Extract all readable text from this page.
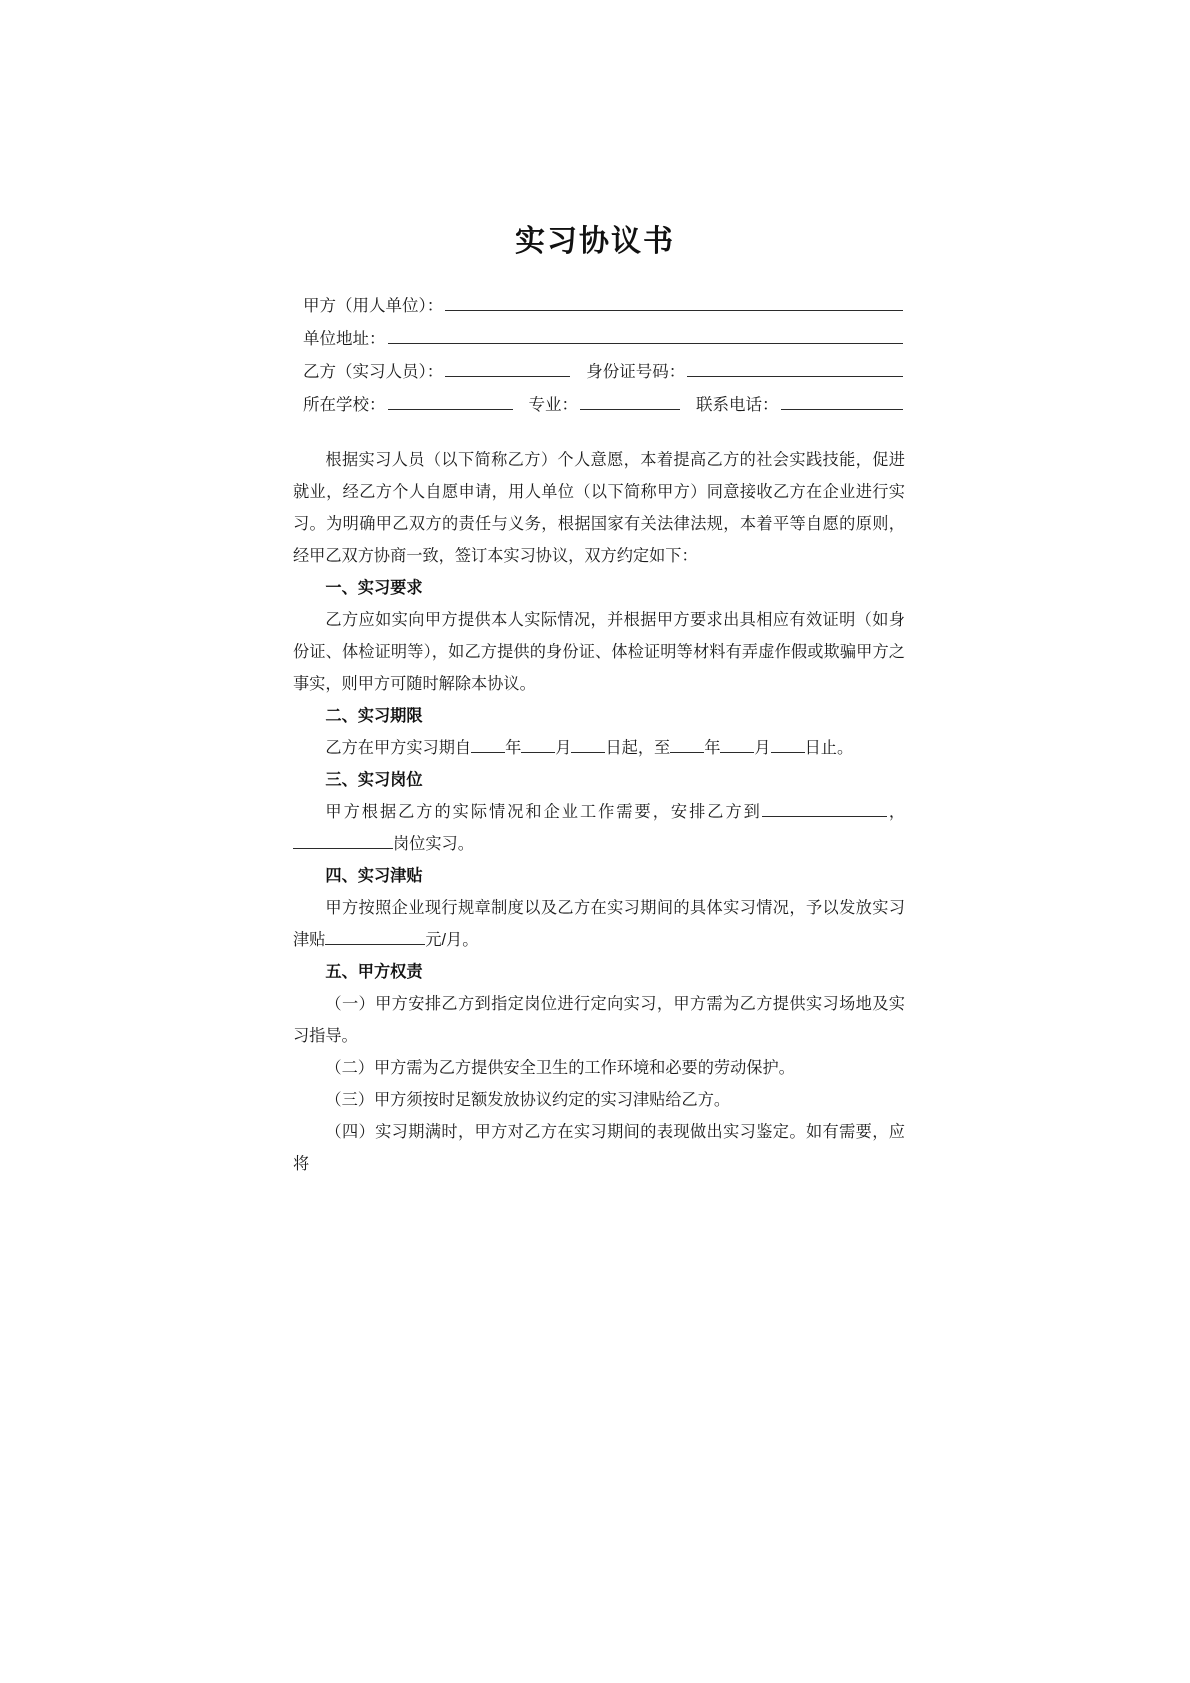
实习协议书
甲方（用人单位）：
单位地址：
乙方（实习人员）：	身份证号码：
所在学校：	专业：	联系电话：

根据实习人员（以下简称乙方）个人意愿，本着提高乙方的社会实践技能，促进就业，经乙方个人自愿申请，用人单位（以下简称甲方）同意接收乙方在企业进行实习。为明确甲乙双方的责任与义务，根据国家有关法律法规，本着平等自愿的原则，经甲乙双方协商一致，签订本实习协议，双方约定如下：

一、实习要求

乙方应如实向甲方提供本人实际情况，并根据甲方要求出具相应有效证明（如身份证、体检证明等），如乙方提供的身份证、体检证明等材料有弄虚作假或欺骗甲方之事实，则甲方可随时解除本协议。

二、实习期限

乙方在甲方实习期自 年 月 日起，至 年 月 日止。

三、实习岗位

甲方根据乙方的实际情况和企业工作需要，安排乙方到	，岗位实习。

四、实习津贴

甲方按照企业现行规章制度以及乙方在实习期间的具体实习情况，予以发放实习津贴	元/月。

五、甲方权责

（一）甲方安排乙方到指定岗位进行定向实习，甲方需为乙方提供实习场地及实习指导。

（二）甲方需为乙方提供安全卫生的工作环境和必要的劳动保护。

（三）甲方须按时足额发放协议约定的实习津贴给乙方。

（四）实习期满时，甲方对乙方在实习期间的表现做出实习鉴定。如有需要，应将
